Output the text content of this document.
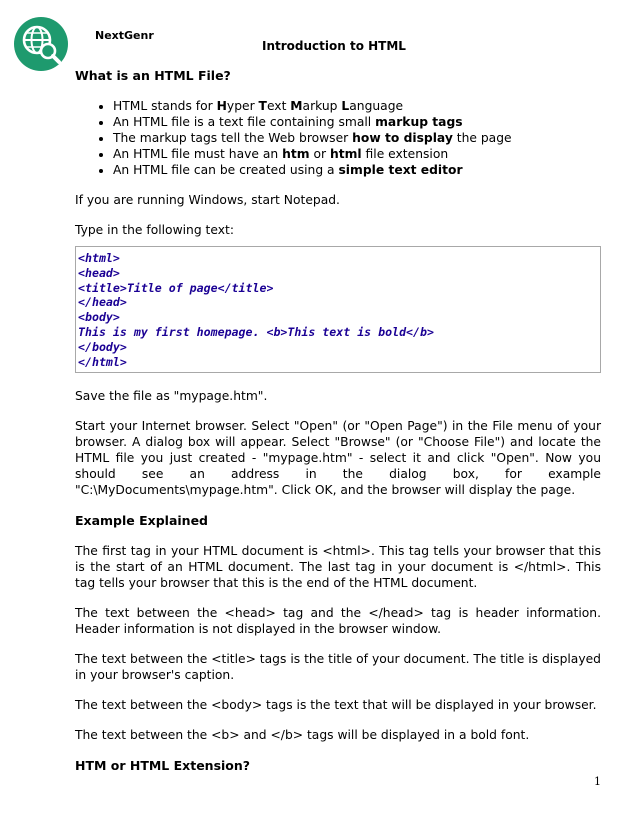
NextGenr
Introduction to HTML

What is an HTML File?

• HTML stands for Hyper Text Markup Language
• An HTML file is a text file containing small markup tags
• The markup tags tell the Web browser how to display the page
• An HTML file must have an htm or html file extension
• An HTML file can be created using a simple text editor

If you are running Windows, start Notepad.

Type in the following text:

<html>
<head>
<title>Title of page</title>
</head>
<body>
This is my first homepage. <b>This text is bold</b>
</body>
</html>

Save the file as "mypage.htm".

Start your Internet browser. Select "Open" (or "Open Page") in the File menu of your browser. A dialog box will appear. Select "Browse" (or "Choose File") and locate the HTML file you just created - "mypage.htm" - select it and click "Open". Now you should see an address in the dialog box, for example "C:\MyDocuments\mypage.htm". Click OK, and the browser will display the page.

Example Explained

The first tag in your HTML document is <html>. This tag tells your browser that this is the start of an HTML document. The last tag in your document is </html>. This tag tells your browser that this is the end of the HTML document.

The text between the <head> tag and the </head> tag is header information. Header information is not displayed in the browser window.

The text between the <title> tags is the title of your document. The title is displayed in your browser's caption.

The text between the <body> tags is the text that will be displayed in your browser.

The text between the <b> and </b> tags will be displayed in a bold font.

HTM or HTML Extension?

1
